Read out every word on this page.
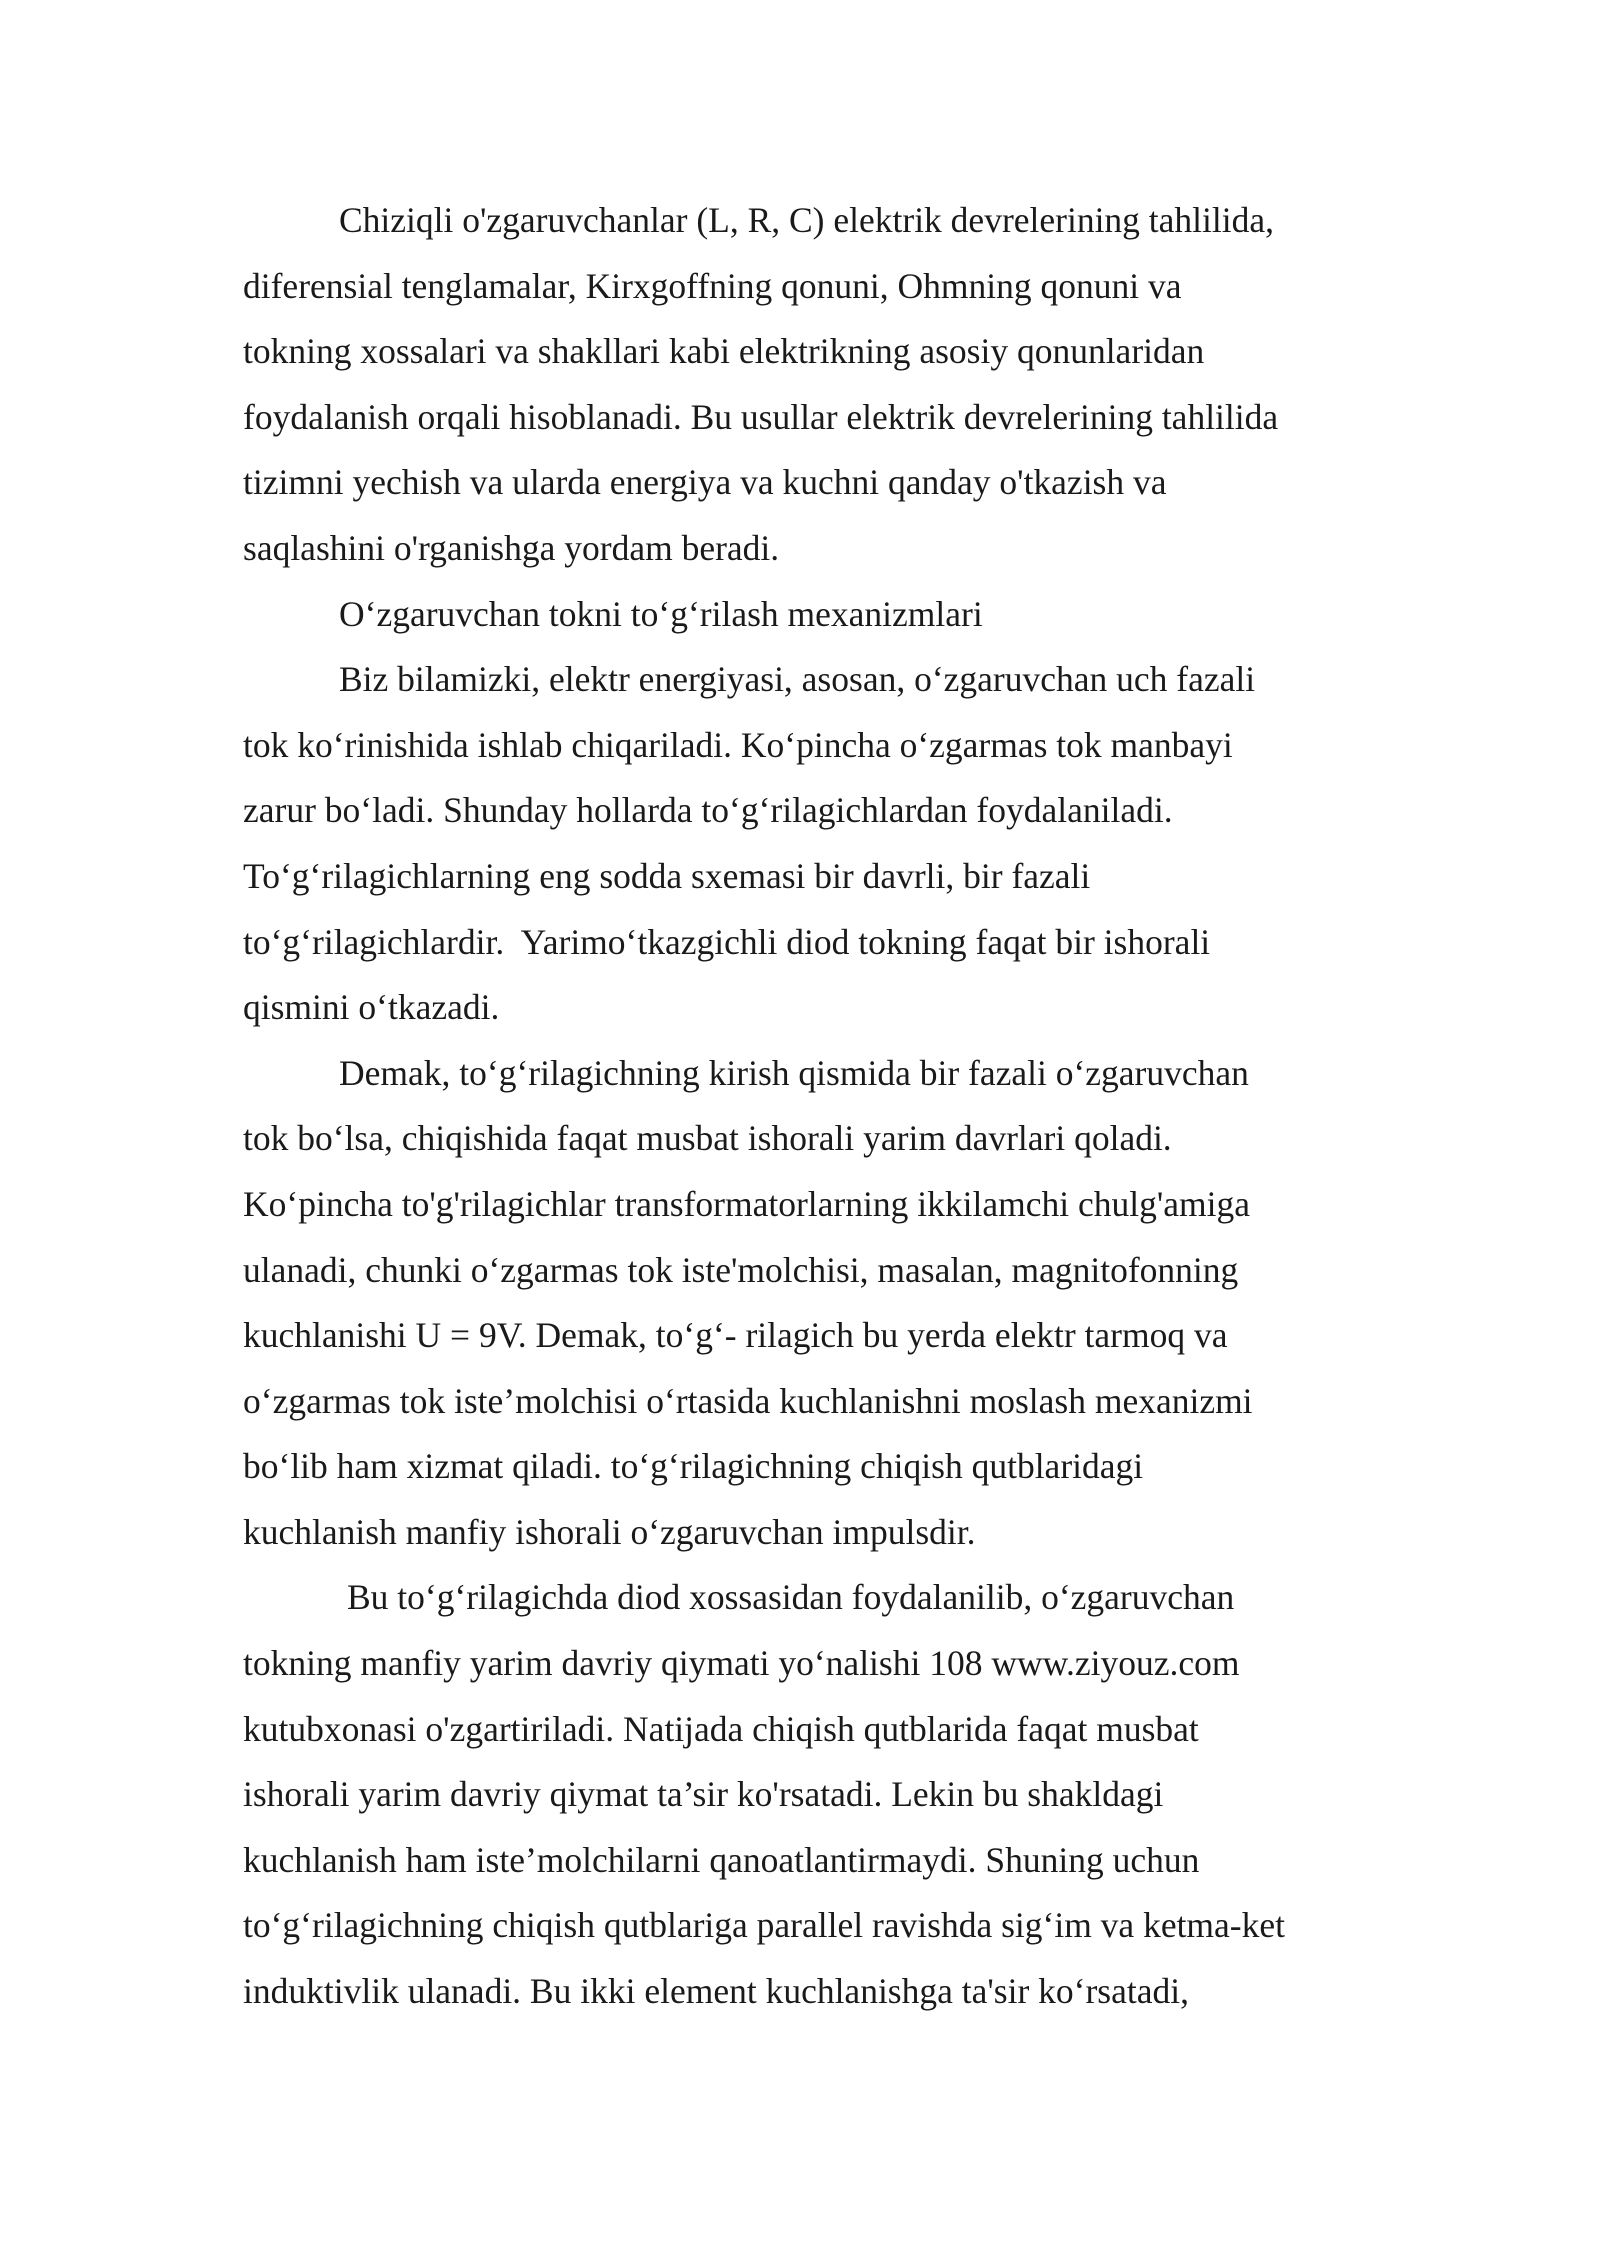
Chiziqli o'zgaruvchanlar (L, R, C) elektrik devrelerining tahlilida,
diferensial tenglamalar, Kirxgoffning qonuni, Ohmning qonuni va
tokning xossalari va shakllari kabi elektrikning asosiy qonunlaridan
foydalanish orqali hisoblanadi. Bu usullar elektrik devrelerining tahlilida
tizimni yechish va ularda energiya va kuchni qanday o'tkazish va
saqlashini o'rganishga yordam beradi.
O‘zgaruvchan tokni to‘g‘rilash mexanizmlari
Biz bilamizki, elektr energiyasi, asosan, o‘zgaruvchan uch fazali
tok ko‘rinishida ishlab chiqariladi. Ko‘pincha o‘zgarmas tok manbayi
zarur bo‘ladi. Shunday hollarda to‘g‘rilagichlardan foydalaniladi.
To‘g‘rilagichlarning eng sodda sxemasi bir davrli, bir fazali
to‘g‘rilagichlardir.  Yarimo‘tkazgichli diod tokning faqat bir ishorali
qismini o‘tkazadi.
Demak, to‘g‘rilagichning kirish qismida bir fazali o‘zgaruvchan
tok bo‘lsa, chiqishida faqat musbat ishorali yarim davrlari qoladi.
Ko‘pincha to'g'rilagichlar transformatorlarning ikkilamchi chulg'amiga
ulanadi, chunki o‘zgarmas tok iste'molchisi, masalan, magnitofonning
kuchlanishi U = 9V. Demak, to‘g‘- rilagich bu yerda elektr tarmoq va
o‘zgarmas tok iste’molchisi o‘rtasida kuchlanishni moslash mexanizmi
bo‘lib ham xizmat qiladi. to‘g‘rilagichning chiqish qutblaridagi
kuchlanish manfiy ishorali o‘zgaruvchan impulsdir.
Bu to‘g‘rilagichda diod xossasidan foydalanilib, o‘zgaruvchan
tokning manfiy yarim davriy qiymati yo‘nalishi 108 www.ziyouz.com
kutubxonasi o'zgartiriladi. Natijada chiqish qutblarida faqat musbat
ishorali yarim davriy qiymat ta’sir ko'rsatadi. Lekin bu shakldagi
kuchlanish ham iste’molchilarni qanoatlantirmaydi. Shuning uchun
to‘g‘rilagichning chiqish qutblariga parallel ravishda sig‘im va ketma-ket
induktivlik ulanadi. Bu ikki element kuchlanishga ta'sir ko‘rsatadi,
